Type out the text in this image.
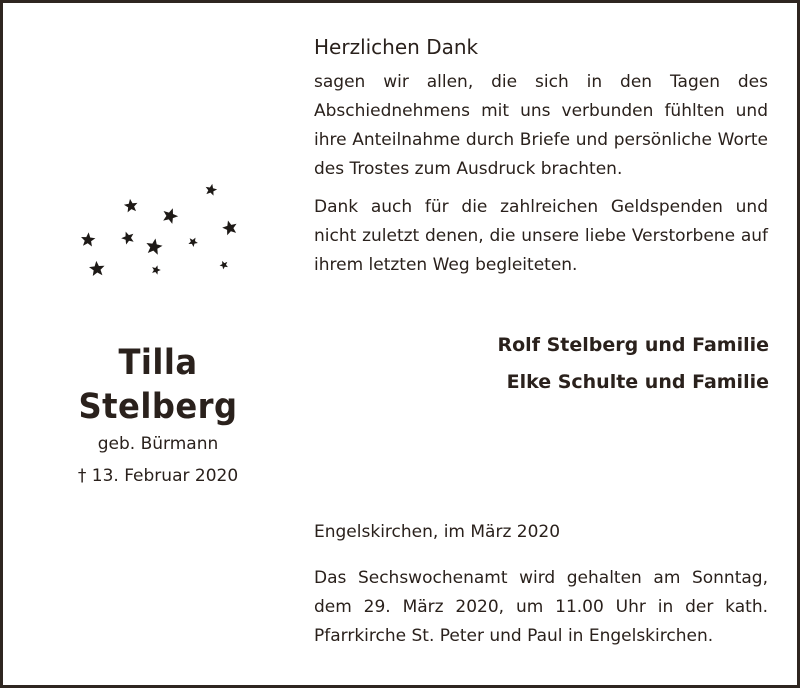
Tilla Stelberg
geb. Bürmann
† 13. Februar 2020
Herzlichen Dank
sagen wir allen, die sich in den Tagen des Abschiednehmens mit uns verbunden fühlten und ihre Anteilnahme durch Briefe und persönliche Worte des Trostes zum Ausdruck brachten.
Dank auch für die zahlreichen Geldspenden und nicht zuletzt denen, die unsere liebe Verstorbene auf ihrem letzten Weg begleiteten.
Rolf Stelberg und Familie
Elke Schulte und Familie
Engelskirchen, im März 2020
Das Sechswochenamt wird gehalten am Sonntag, dem 29. März 2020, um 11.00 Uhr in der kath. Pfarrkirche St. Peter und Paul in Engelskirchen.
